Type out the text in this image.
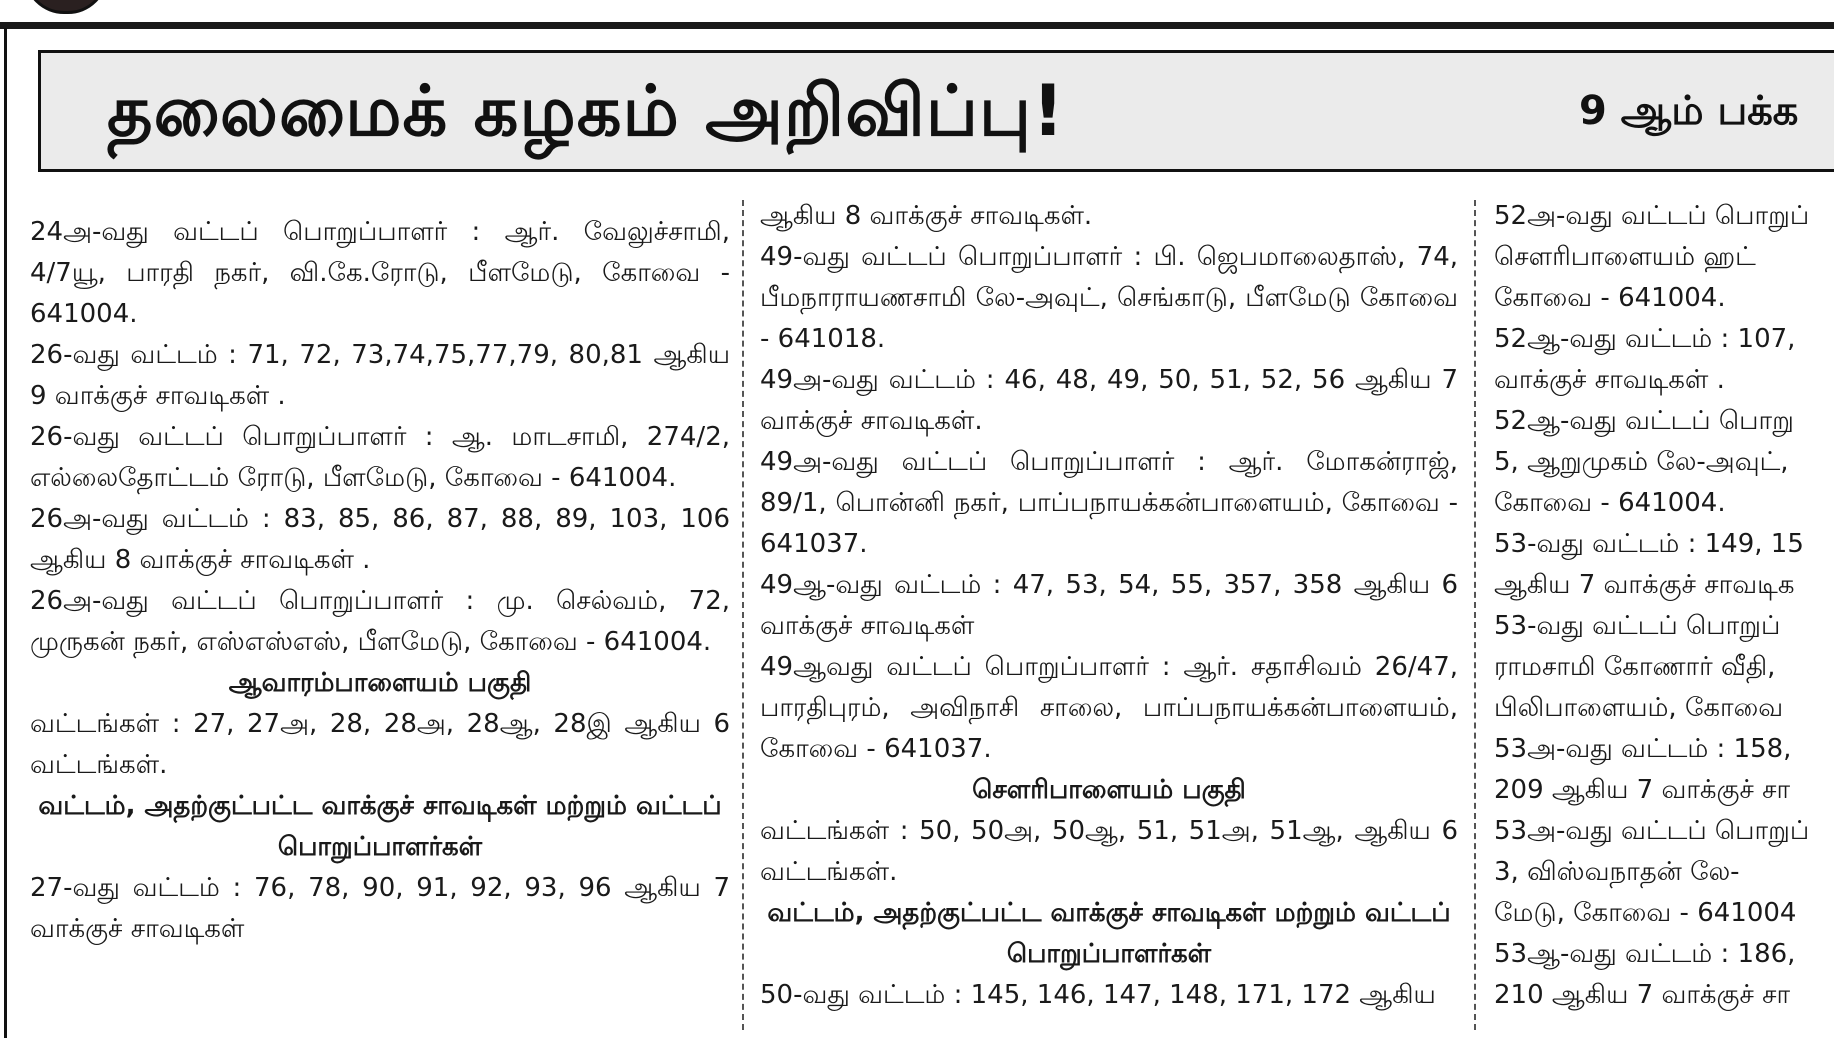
தலைமைக் கழகம் அறிவிப்பு!	9 ஆம் பக்க

24அ-வது வட்டப் பொறுப்பாளர் : ஆர். வேலுச்சாமி, 4/7யூ, பாரதி நகர், வி.கே.ரோடு, பீளமேடு, கோவை - 641004.

26-வது வட்டம் : 71, 72, 73,74,75,77,79, 80,81 ஆகிய 9 வாக்குச் சாவடிகள் .

26-வது வட்டப் பொறுப்பாளர் : ஆ. மாடசாமி, 274/2, எல்லைதோட்டம் ரோடு, பீளமேடு, கோவை - 641004.

26அ-வது வட்டம் : 83, 85, 86, 87, 88, 89, 103, 106 ஆகிய 8 வாக்குச் சாவடிகள் .

26அ-வது வட்டப் பொறுப்பாளர் : மு. செல்வம், 72, முருகன் நகர், எஸ்எஸ்எஸ், பீளமேடு, கோவை - 641004.

ஆவாரம்பாளையம் பகுதி

வட்டங்கள் : 27, 27அ, 28, 28அ, 28ஆ, 28இ ஆகிய 6 வட்டங்கள்.

வட்டம், அதற்குட்பட்ட வாக்குச் சாவடிகள் மற்றும் வட்டப் பொறுப்பாளர்கள்

27-வது வட்டம் : 76, 78, 90, 91, 92, 93, 96 ஆகிய 7 வாக்குச் சாவடிகள்

ஆகிய 8 வாக்குச் சாவடிகள்.

49-வது வட்டப் பொறுப்பாளர் : பி. ஜெபமாலைதாஸ், 74, பீமநாராயணசாமி லே-அவுட், செங்காடு, பீளமேடு கோவை - 641018.

49அ-வது வட்டம் : 46, 48, 49, 50, 51, 52, 56 ஆகிய 7 வாக்குச் சாவடிகள்.

49அ-வது வட்டப் பொறுப்பாளர் : ஆர். மோகன்ராஜ், 89/1, பொன்னி நகர், பாப்பநாயக்கன்பாளையம், கோவை - 641037.

49ஆ-வது வட்டம் : 47, 53, 54, 55, 357, 358 ஆகிய 6 வாக்குச் சாவடிகள்

49ஆவது வட்டப் பொறுப்பாளர் : ஆர். சதாசிவம் 26/47, பாரதிபுரம், அவிநாசி சாலை, பாப்பநாயக்கன்பாளையம், கோவை - 641037.

சௌரிபாளையம் பகுதி

வட்டங்கள் : 50, 50அ, 50ஆ, 51, 51அ, 51ஆ, ஆகிய 6 வட்டங்கள்.

வட்டம், அதற்குட்பட்ட வாக்குச் சாவடிகள் மற்றும் வட்டப் பொறுப்பாளர்கள்

50-வது வட்டம் : 145, 146, 147, 148, 171, 172 ஆகிய

52அ-வது வட்டப் பொறுப்

சௌரிபாளையம் ஹட்

கோவை - 641004.

52ஆ-வது வட்டம் : 107,

வாக்குச் சாவடிகள் .

52ஆ-வது வட்டப் பொறு

5, ஆறுமுகம் லே-அவுட்,

கோவை - 641004.

53-வது வட்டம் : 149, 15

ஆகிய 7 வாக்குச் சாவடிக

53-வது வட்டப் பொறுப்

ராமசாமி கோணார் வீதி,

பிலிபாளையம், கோவை

53அ-வது வட்டம் : 158,

209 ஆகிய 7 வாக்குச் சா

53அ-வது வட்டப் பொறுப்

3, விஸ்வநாதன் லே-

மேடு, கோவை - 641004

53ஆ-வது வட்டம் : 186,

210 ஆகிய 7 வாக்குச் சா
